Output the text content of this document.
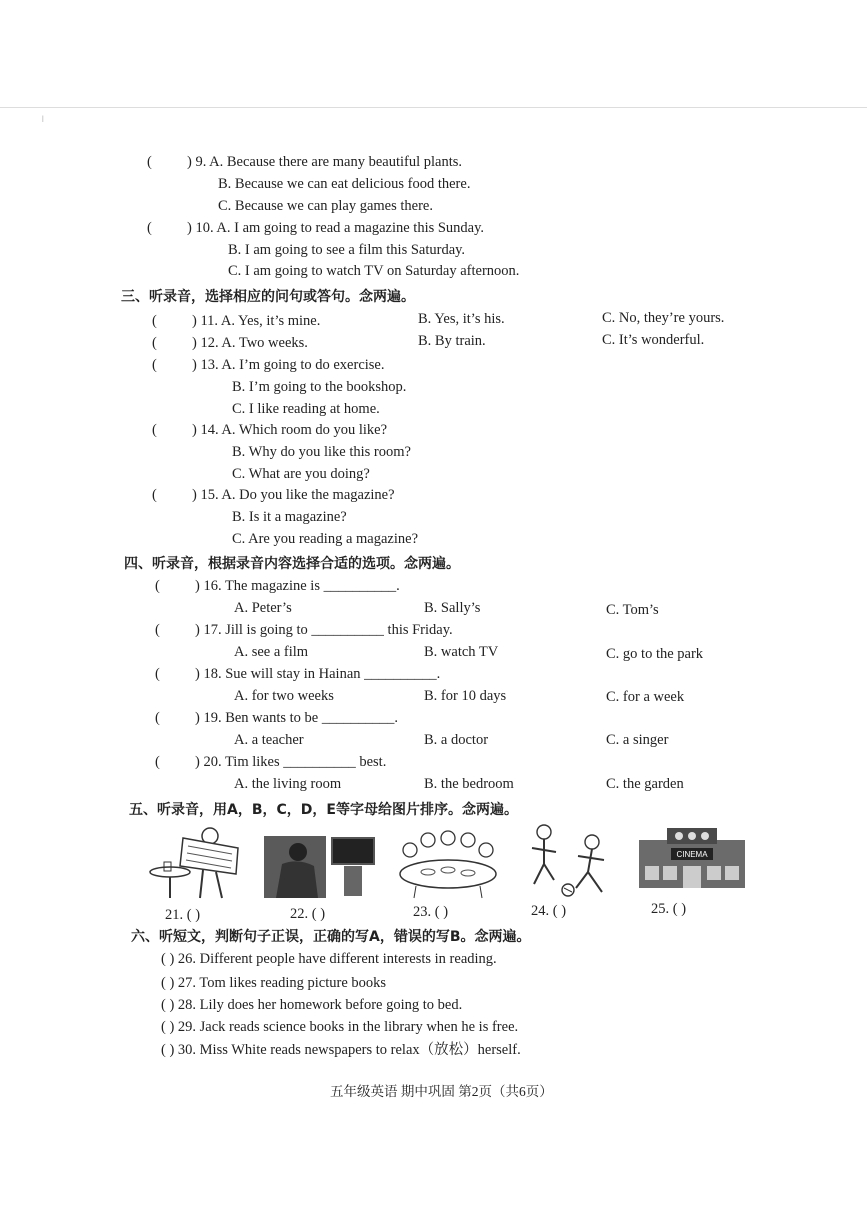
ǀ
( ) 9. A. Because there are many beautiful plants.
B. Because we can eat delicious food there.
C. Because we can play games there.
( ) 10. A. I am going to read a magazine this Sunday.
B. I am going to see a film this Saturday.
C. I am going to watch TV on Saturday afternoon.
三、听录音，选择相应的问句或答句。念两遍。
( ) 11. A. Yes, it’s mine.	B. Yes, it’s his.	C. No, they’re yours.
( ) 12. A. Two weeks.	B. By train.	C. It’s wonderful.
( ) 13. A. I’m going to do exercise.
B. I’m going to the bookshop.
C. I like reading at home.
( ) 14. A. Which room do you like?
B. Why do you like this room?
C. What are you doing?
( ) 15. A. Do you like the magazine?
B. Is it a magazine?
C. Are you reading a magazine?
四、听录音，根据录音内容选择合适的选项。念两遍。
( ) 16. The magazine is __________.
A. Peter’s	B. Sally’s	C. Tom’s
( ) 17. Jill is going to __________ this Friday.
A. see a film	B. watch TV	C. go to the park
( ) 18. Sue will stay in Hainan __________.
A. for two weeks	B. for 10 days	C. for a week
( ) 19. Ben wants to be __________.
A. a teacher	B. a doctor	C. a singer
( ) 20. Tim likes __________ best.
A. the living room	B. the bedroom	C. the garden
五、听录音，用A，B，C，D，E等字母给图片排序。念两遍。
CINEMA
21. ( )	22. ( )	23. ( )	24. ( )	25. ( )
六、听短文，判断句子正误，正确的写A，错误的写B。念两遍。
( ) 26. Different people have different interests in reading.
( ) 27. Tom likes reading picture books
( ) 28. Lily does her homework before going to bed.
( ) 29. Jack reads science books in the library when he is free.
( ) 30. Miss White reads newspapers to relax（放松）herself.
五年级英语 期中巩固 第2页（共6页）
